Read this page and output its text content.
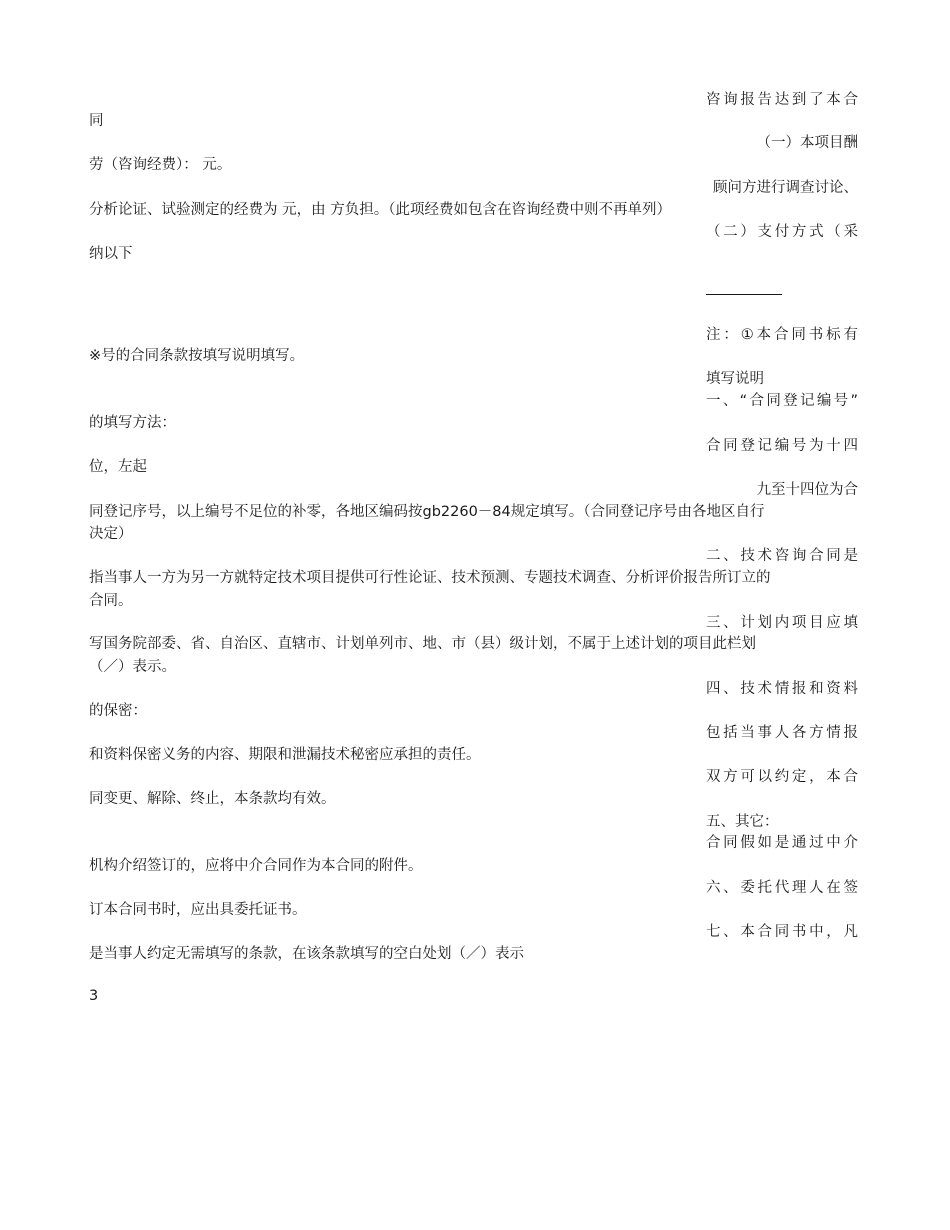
咨询报告达到了本合
同
（一）本项目酬
劳（咨询经费）： 元。
顾问方进行调查讨论、
分析论证、试验测定的经费为 元，由 方负担。（此项经费如包含在咨询经费中则不再单列）
（二）支付方式（采
纳以下
注：①本合同书标有
※号的合同条款按填写说明填写。
填写说明
一、“合同登记编号”
的填写方法：
合同登记编号为十四
位，左起
九至十四位为合
同登记序号，以上编号不足位的补零，各地区编码按gb2260－84规定填写。（合同登记序号由各地区自行
决定）
二、技术咨询合同是
指当事人一方为另一方就特定技术项目提供可行性论证、技术预测、专题技术调查、分析评价报告所订立的
合同。
三、计划内项目应填
写国务院部委、省、自治区、直辖市、计划单列市、地、市（县）级计划，不属于上述计划的项目此栏划
（／）表示。
四、技术情报和资料
的保密：
包括当事人各方情报
和资料保密义务的内容、期限和泄漏技术秘密应承担的责任。
双方可以约定，本合
同变更、解除、终止，本条款均有效。
五、其它：
合同假如是通过中介
机构介绍签订的，应将中介合同作为本合同的附件。
六、委托代理人在签
订本合同书时，应出具委托证书。
七、本合同书中，凡
是当事人约定无需填写的条款，在该条款填写的空白处划（／）表示
3
